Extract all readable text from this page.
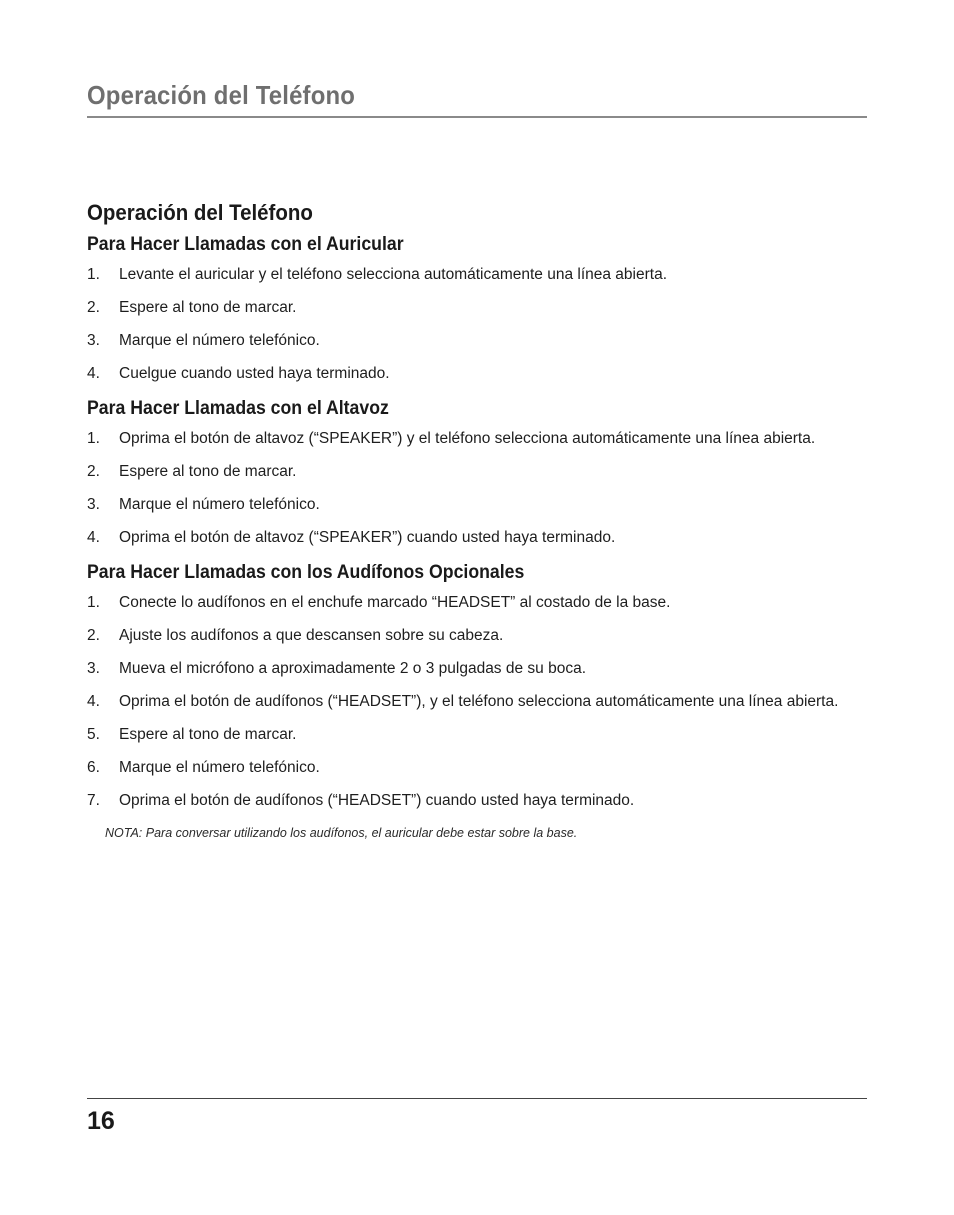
Operación del Teléfono
Operación del Teléfono
Para Hacer Llamadas con el Auricular
1. Levante el auricular y el teléfono selecciona automáticamente una línea abierta.
2. Espere al tono de marcar.
3. Marque el número telefónico.
4. Cuelgue cuando usted haya terminado.
Para Hacer Llamadas con el Altavoz
1. Oprima el botón de altavoz (“SPEAKER”) y el teléfono selecciona automáticamente una línea abierta.
2. Espere al tono de marcar.
3. Marque el número telefónico.
4. Oprima el botón de altavoz (“SPEAKER”) cuando usted haya terminado.
Para Hacer Llamadas con los Audífonos Opcionales
1. Conecte lo audífonos en el enchufe marcado “HEADSET” al costado de la base.
2. Ajuste los audífonos a que descansen sobre su cabeza.
3. Mueva el micrófono a aproximadamente 2 o 3 pulgadas de su boca.
4. Oprima el botón de audífonos (“HEADSET”), y el teléfono selecciona automáticamente una línea abierta.
5. Espere al tono de marcar.
6. Marque el número telefónico.
7. Oprima el botón de audífonos (“HEADSET”) cuando usted haya terminado.

NOTA: Para conversar utilizando los audífonos, el auricular debe estar sobre la base.

16
